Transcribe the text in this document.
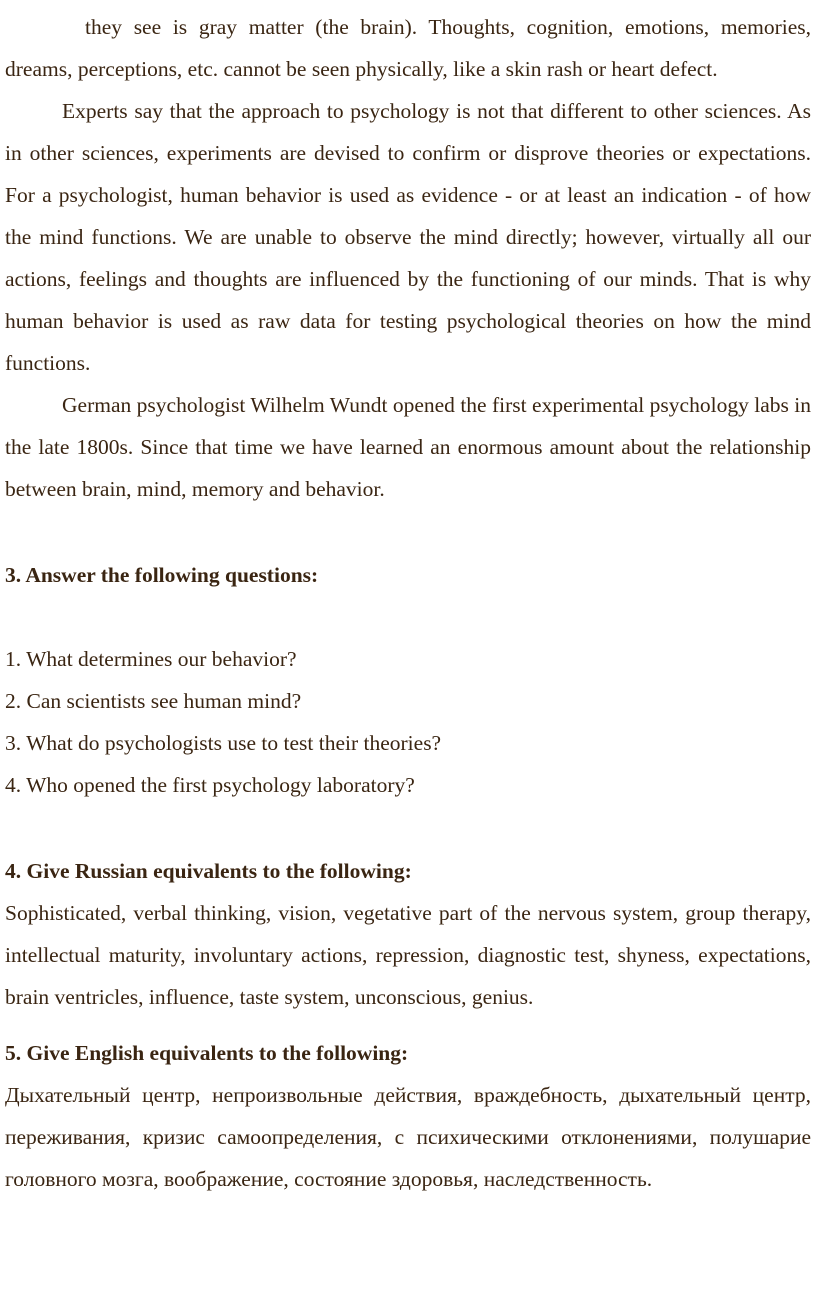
they see is gray matter (the brain). Thoughts, cognition, emotions, memories, dreams, perceptions, etc. cannot be seen physically, like a skin rash or heart defect.

Experts say that the approach to psychology is not that different to other sciences. As in other sciences, experiments are devised to confirm or disprove theories or expectations. For a psychologist, human behavior is used as evidence - or at least an indication - of how the mind functions. We are unable to observe the mind directly; however, virtually all our actions, feelings and thoughts are influenced by the functioning of our minds. That is why human behavior is used as raw data for testing psychological theories on how the mind functions.

German psychologist Wilhelm Wundt opened the first experimental psychology labs in the late 1800s. Since that time we have learned an enormous amount about the relationship between brain, mind, memory and behavior.

3. Answer the following questions:

1. What determines our behavior?

2. Can scientists see human mind?

3. What do psychologists use to test their theories?

4. Who opened the first psychology laboratory?

4. Give Russian equivalents to the following:

Sophisticated, verbal thinking, vision, vegetative part of the nervous system, group therapy, intellectual maturity, involuntary actions, repression, diagnostic test, shyness, expectations, brain ventricles, influence, taste system, unconscious, genius.

5. Give English equivalents to the following:

Дыхательный центр, непроизвольные действия, враждебность, дыхательный центр, переживания, кризис самоопределения, с психическими отклонениями, полушарие головного мозга, воображение, состояние здоровья, наследственность.
